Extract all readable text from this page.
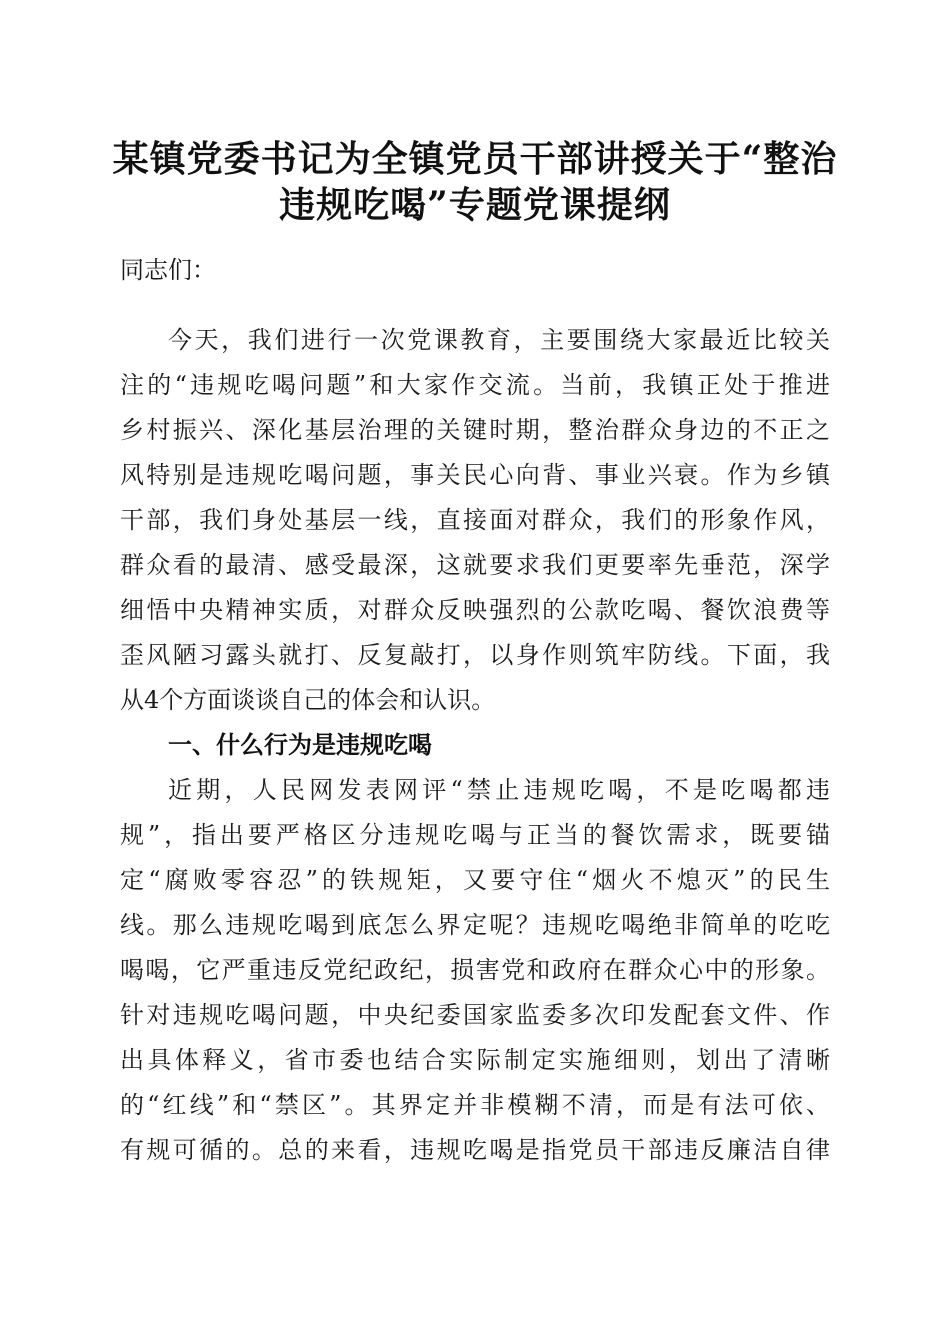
某镇党委书记为全镇党员干部讲授关于“整治
违规吃喝”专题党课提纲

同志们：

今天，我们进行一次党课教育，主要围绕大家最近比较关

注的“违规吃喝问题”和大家作交流。当前，我镇正处于推进

乡村振兴、深化基层治理的关键时期，整治群众身边的不正之

风特别是违规吃喝问题，事关民心向背、事业兴衰。作为乡镇

干部，我们身处基层一线，直接面对群众，我们的形象作风，

群众看的最清、感受最深，这就要求我们更要率先垂范，深学

细悟中央精神实质，对群众反映强烈的公款吃喝、餐饮浪费等

歪风陋习露头就打、反复敲打，以身作则筑牢防线。下面，我

从4个方面谈谈自己的体会和认识。

一、什么行为是违规吃喝

近期，人民网发表网评“禁止违规吃喝，不是吃喝都违

规”，指出要严格区分违规吃喝与正当的餐饮需求，既要锚

定“腐败零容忍”的铁规矩，又要守住“烟火不熄灭”的民生

线。那么违规吃喝到底怎么界定呢？违规吃喝绝非简单的吃吃

喝喝，它严重违反党纪政纪，损害党和政府在群众心中的形象。

针对违规吃喝问题，中央纪委国家监委多次印发配套文件、作

出具体释义，省市委也结合实际制定实施细则，划出了清晰

的“红线”和“禁区”。其界定并非模糊不清，而是有法可依、

有规可循的。总的来看，违规吃喝是指党员干部违反廉洁自律
